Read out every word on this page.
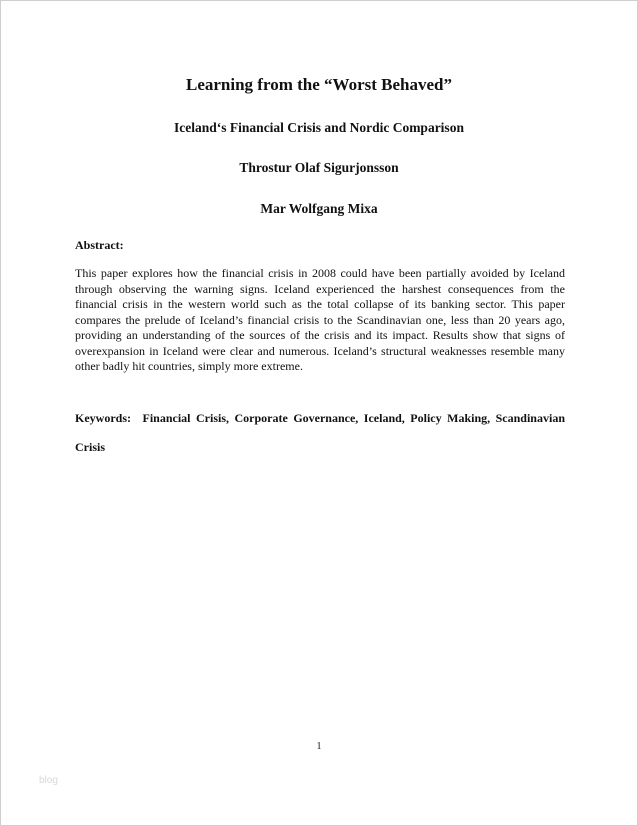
Learning from the “Worst Behaved”
Iceland‘s Financial Crisis and Nordic Comparison
Throstur Olaf Sigurjonsson
Mar Wolfgang Mixa
Abstract:

This paper explores how the financial crisis in 2008 could have been partially avoided by Iceland through observing the warning signs. Iceland experienced the harshest consequences from the financial crisis in the western world such as the total collapse of its banking sector. This paper compares the prelude of Iceland’s financial crisis to the Scandinavian one, less than 20 years ago, providing an understanding of the sources of the crisis and its impact. Results show that signs of overexpansion in Iceland were clear and numerous. Iceland’s structural weaknesses resemble many other badly hit countries, simply more extreme.

Keywords: Financial Crisis, Corporate Governance, Iceland, Policy Making, Scandinavian Crisis

1
blog
